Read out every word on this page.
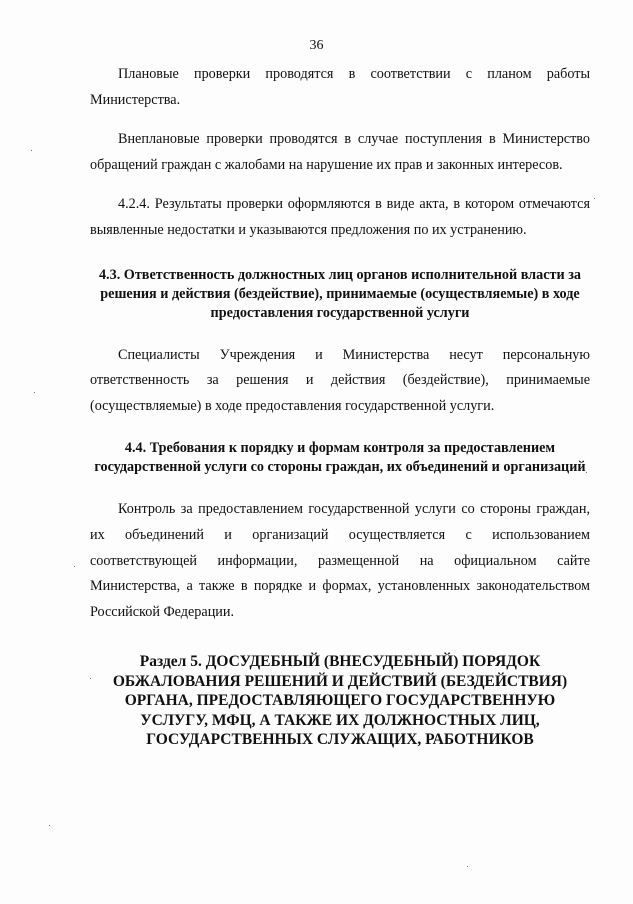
36

Плановые проверки проводятся в соответствии с планом работы Министерства.

Внеплановые проверки проводятся в случае поступления в Министерство обращений граждан с жалобами на нарушение их прав и законных интересов.

4.2.4. Результаты проверки оформляются в виде акта, в котором отмечаются выявленные недостатки и указываются предложения по их устранению.

4.3. Ответственность должностных лиц органов исполнительной власти за решения и действия (бездействие), принимаемые (осуществляемые) в ходе предоставления государственной услуги

Специалисты Учреждения и Министерства несут персональную ответственность за решения и действия (бездействие), принимаемые (осуществляемые) в ходе предоставления государственной услуги.

4.4. Требования к порядку и формам контроля за предоставлением государственной услуги со стороны граждан, их объединений и организаций

Контроль за предоставлением государственной услуги со стороны граждан, их объединений и организаций осуществляется с использованием соответствующей информации, размещенной на официальном сайте Министерства, а также в порядке и формах, установленных законодательством Российской Федерации.

Раздел 5. ДОСУДЕБНЫЙ (ВНЕСУДЕБНЫЙ) ПОРЯДОК ОБЖАЛОВАНИЯ РЕШЕНИЙ И ДЕЙСТВИЙ (БЕЗДЕЙСТВИЯ) ОРГАНА, ПРЕДОСТАВЛЯЮЩЕГО ГОСУДАРСТВЕННУЮ УСЛУГУ, МФЦ, А ТАКЖЕ ИХ ДОЛЖНОСТНЫХ ЛИЦ, ГОСУДАРСТВЕННЫХ СЛУЖАЩИХ, РАБОТНИКОВ
